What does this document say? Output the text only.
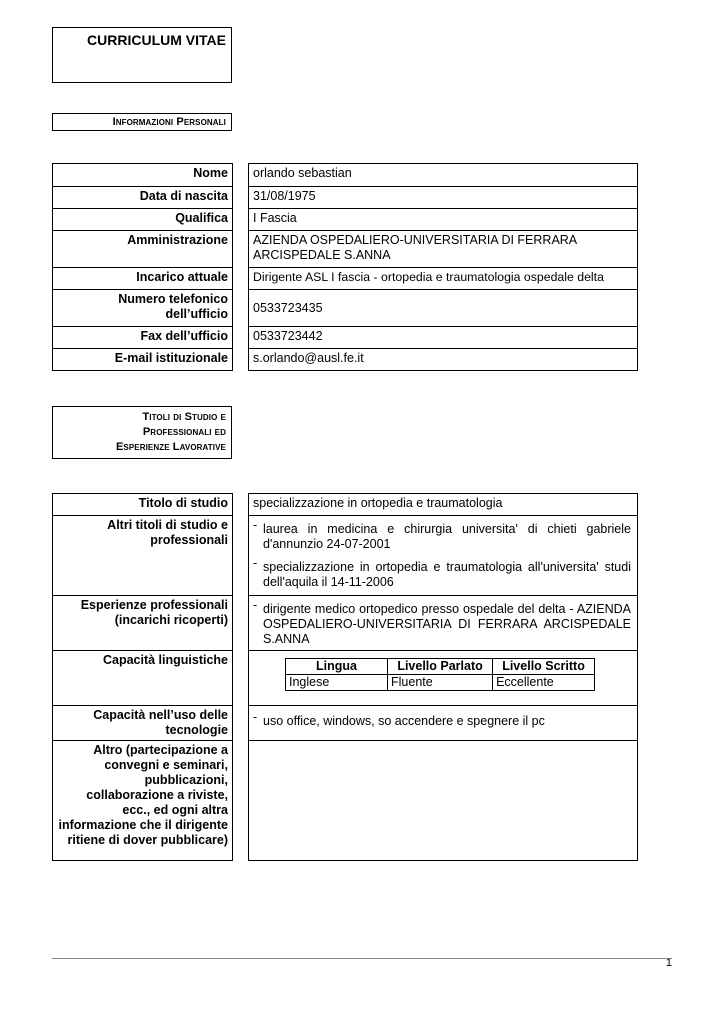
CURRICULUM VITAE
Informazioni Personali
Nome		orlando sebastian
Data di nascita		31/08/1975
Qualifica		I Fascia
Amministrazione		AZIENDA OSPEDALIERO-UNIVERSITARIA DI FERRARA ARCISPEDALE S.ANNA
Incarico attuale		Dirigente ASL I fascia - ortopedia e traumatologia ospedale delta
Numero telefonico dell’ufficio		0533723435
Fax dell’ufficio		0533723442
E-mail istituzionale		s.orlando@ausl.fe.it
Titoli di Studio e
Professionali ed
Esperienze Lavorative
Titolo di studio		specializzazione in ortopedia e traumatologia
Altri titoli di studio e professionali		
- laurea in medicina e chirurgia universita' di chieti gabriele d'annunzio 24-07-2001
- specializzazione in ortopedia e traumatologia all'universita' studi dell'aquila il 14-11-2006

Esperienze professionali (incarichi ricoperti)		
- dirigente medico ortopedico presso ospedale del delta - AZIENDA OSPEDALIERO-UNIVERSITARIA DI FERRARA ARCISPEDALE S.ANNA

Capacità linguistiche			Lingua	Livello Parlato	Livello Scritto
Inglese	Fluente	Eccellente

Capacità nell’uso delle tecnologie		
- uso office, windows, so accendere e spegnere il pc

Altro (partecipazione a convegni e seminari, pubblicazioni, collaborazione a riviste, ecc., ed ogni altra informazione che il dirigente ritiene di dover pubblicare)		
1
